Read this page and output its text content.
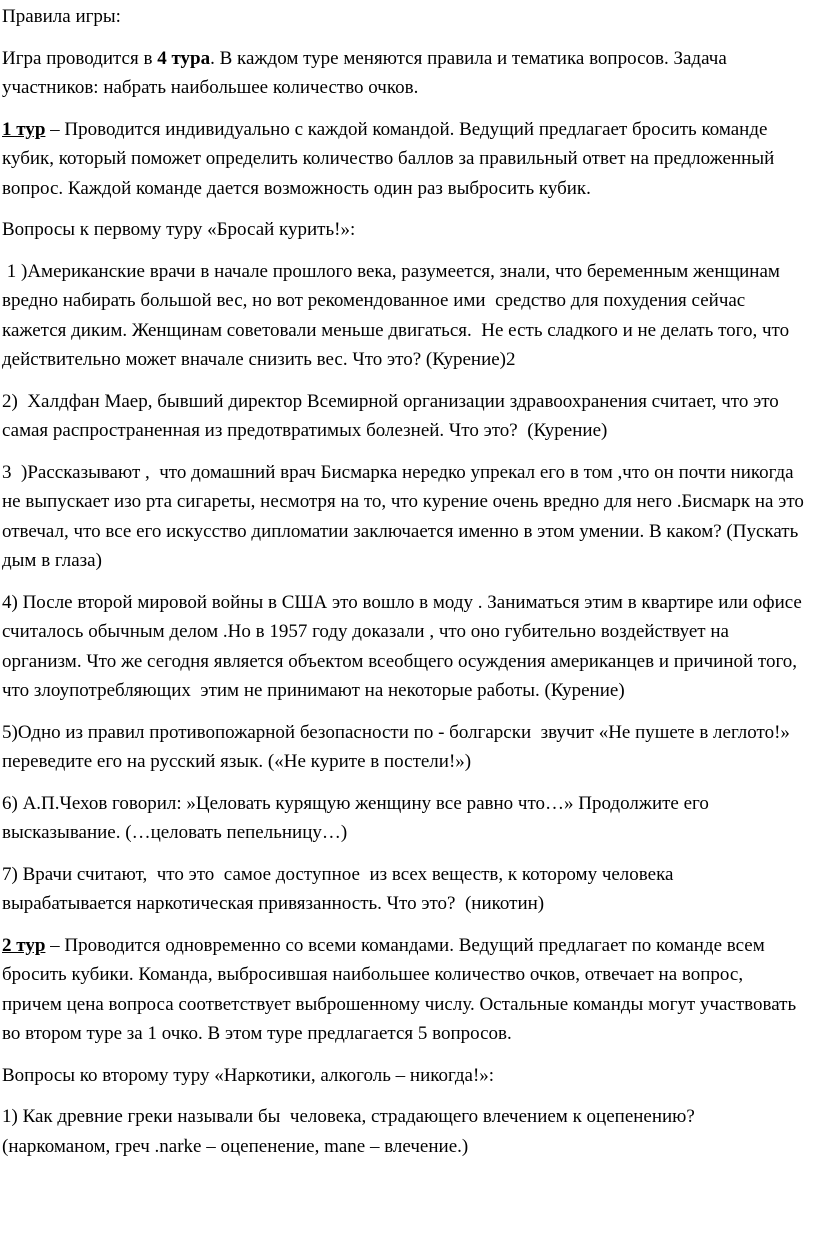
Правила игры:

Игра проводится в 4 тура. В каждом туре меняются правила и тематика вопросов. Задача участников: набрать наибольшее количество очков.

1 тур – Проводится индивидуально с каждой командой. Ведущий предлагает бросить команде кубик, который поможет определить количество баллов за правильный ответ на предложенный вопрос. Каждой команде дается возможность один раз выбросить кубик.

Вопросы к первому туру «Бросай курить!»:

1 )Американские врачи в начале прошлого века, разумеется, знали, что беременным женщинам вредно набирать большой вес, но вот рекомендованное ими  средство для похудения сейчас кажется диким. Женщинам советовали меньше двигаться.  Не есть сладкого и не делать того, что действительно может вначале снизить вес. Что это? (Курение)2

2)  Халдфан Маер, бывший директор Всемирной организации здравоохранения считает, что это самая распространенная из предотвратимых болезней. Что это?  (Курение)

3  )Рассказывают ,  что домашний врач Бисмарка нередко упрекал его в том ,что он почти никогда не выпускает изо рта сигареты, несмотря на то, что курение очень вредно для него .Бисмарк на это отвечал, что все его искусство дипломатии заключается именно в этом умении. В каком? (Пускать дым в глаза)

4) После второй мировой войны в США это вошло в моду . Заниматься этим в квартире или офисе считалось обычным делом .Но в 1957 году доказали , что оно губительно воздействует на организм. Что же сегодня является объектом всеобщего осуждения американцев и причиной того, что злоупотребляющих  этим не принимают на некоторые работы. (Курение)

5)Одно из правил противопожарной безопасности по - болгарски  звучит «Не пушете в леглото!» переведите его на русский язык. («Не курите в постели!»)

6) А.П.Чехов говорил: »Целовать курящую женщину все равно что…» Продолжите его высказывание. (…целовать пепельницу…)

7) Врачи считают,  что это  самое доступное  из всех веществ, к которому человека вырабатывается наркотическая привязанность. Что это?  (никотин)

2 тур – Проводится одновременно со всеми командами. Ведущий предлагает по команде всем бросить кубики. Команда, выбросившая наибольшее количество очков, отвечает на вопрос, причем цена вопроса соответствует выброшенному числу. Остальные команды могут участвовать во втором туре за 1 очко. В этом туре предлагается 5 вопросов.

Вопросы ко второму туру «Наркотики, алкоголь – никогда!»:

1) Как древние греки называли бы  человека, страдающего влечением к оцепенению? (наркоманом, греч .narke – оцепенение, mane – влечение.)
